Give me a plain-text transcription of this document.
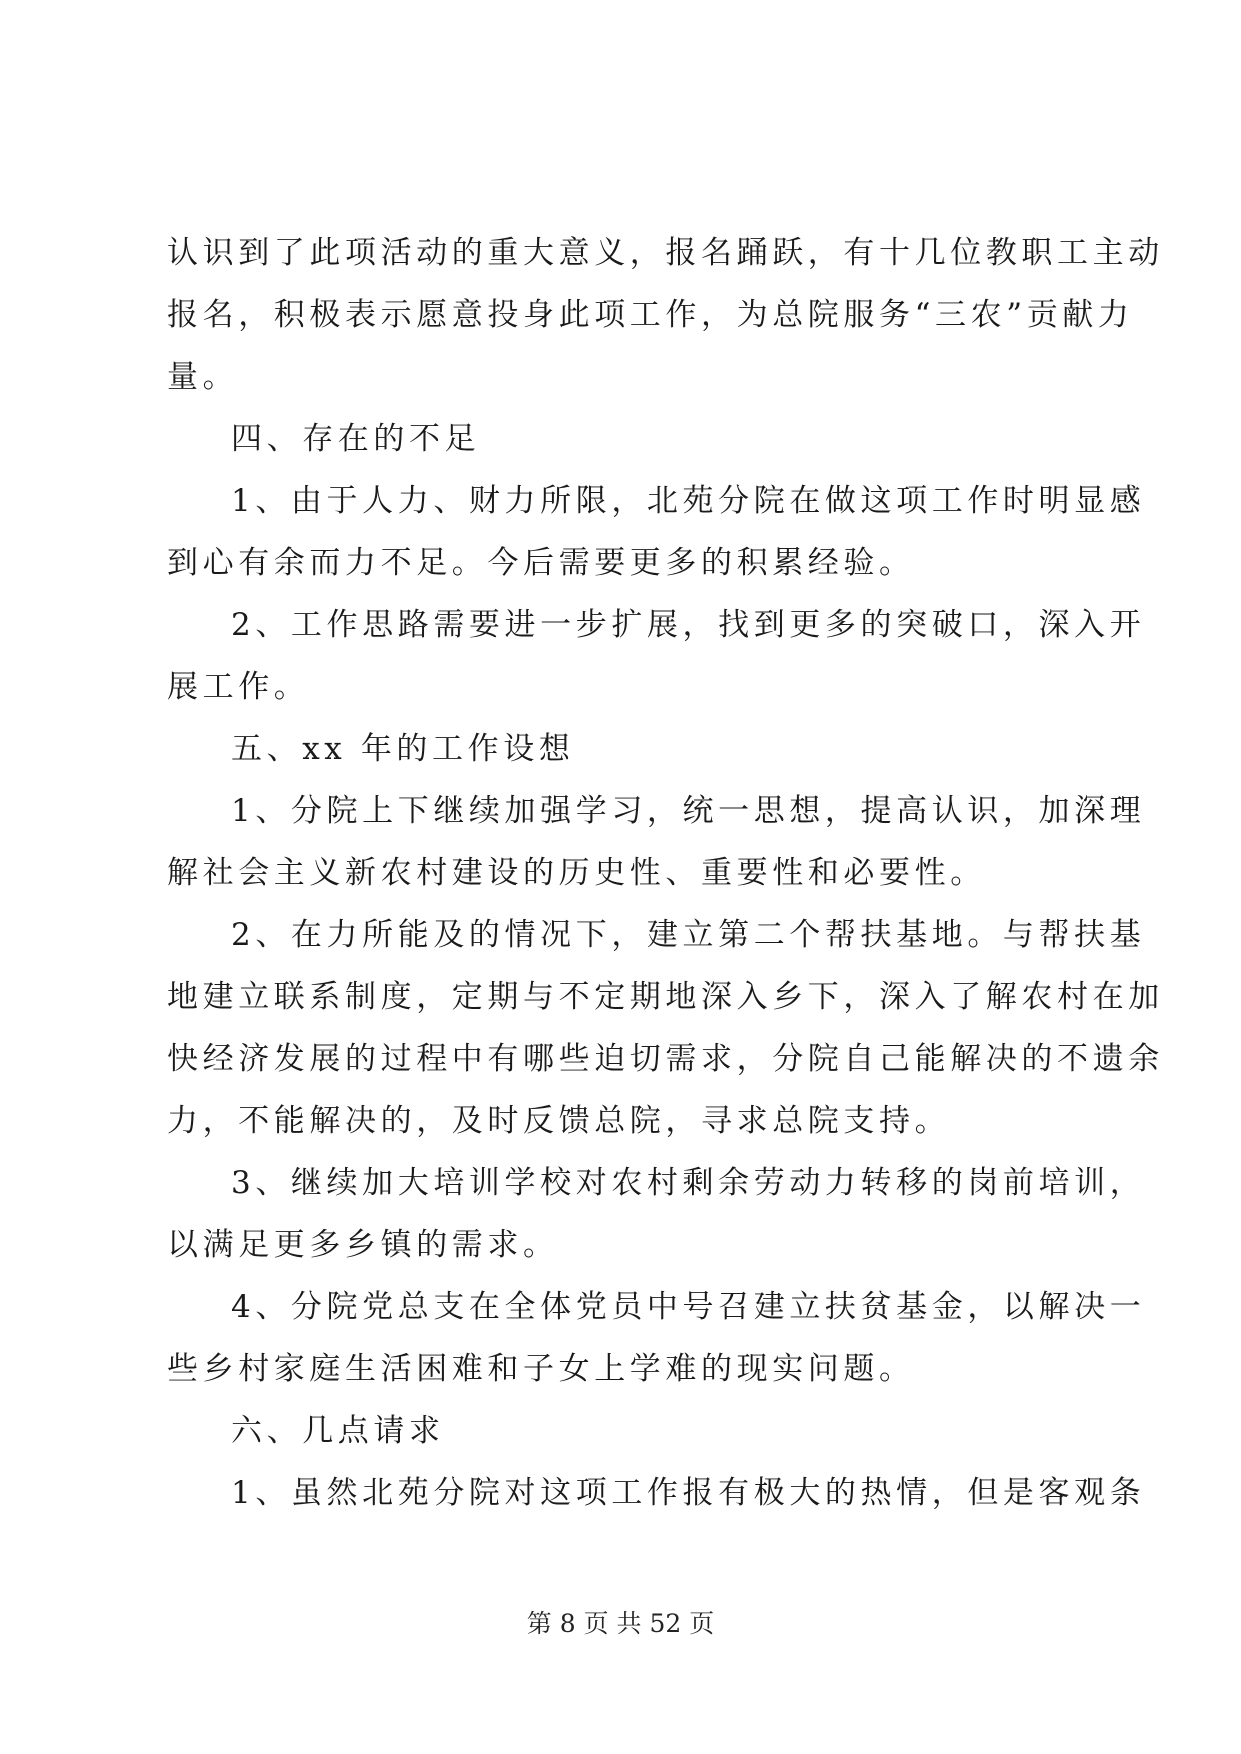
认识到了此项活动的重大意义，报名踊跃，有十几位教职工主动
报名，积极表示愿意投身此项工作，为总院服务“三农”贡献力
量。
四、存在的不足
1、由于人力、财力所限，北苑分院在做这项工作时明显感
到心有余而力不足。今后需要更多的积累经验。
2、工作思路需要进一步扩展，找到更多的突破口，深入开
展工作。
五、xx 年的工作设想
1、分院上下继续加强学习，统一思想，提高认识，加深理
解社会主义新农村建设的历史性、重要性和必要性。
2、在力所能及的情况下，建立第二个帮扶基地。与帮扶基
地建立联系制度，定期与不定期地深入乡下，深入了解农村在加
快经济发展的过程中有哪些迫切需求，分院自己能解决的不遗余
力，不能解决的，及时反馈总院，寻求总院支持。
3、继续加大培训学校对农村剩余劳动力转移的岗前培训，
以满足更多乡镇的需求。
4、分院党总支在全体党员中号召建立扶贫基金，以解决一
些乡村家庭生活困难和子女上学难的现实问题。
六、几点请求
1、虽然北苑分院对这项工作报有极大的热情，但是客观条
第 8 页 共 52 页
